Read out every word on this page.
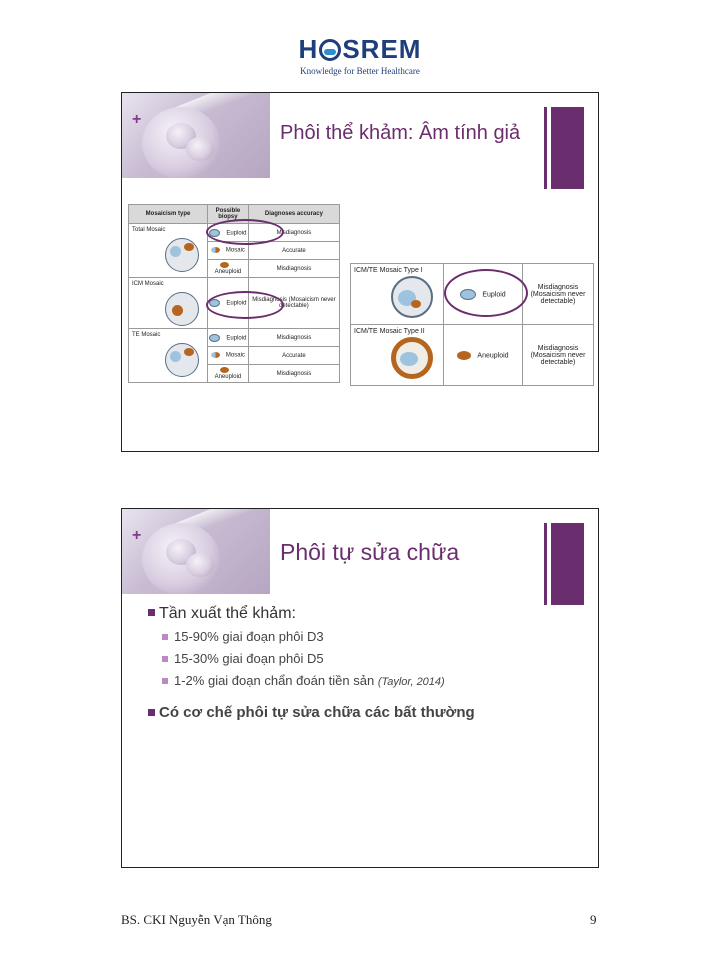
H SREM
Knowledge for Better Healthcare
+
Phôi thể khảm: Âm tính giả
Mosaicism type	Possible biopsy	Diagnoses accuracy

Total Mosaic	Euploid	Misdiagnosis
	Mosaic	Accurate
	Aneuploid	Misdiagnosis

ICM Mosaic	Euploid	Misdiagnosis (Mosaicism never detectable)

TE Mosaic	Euploid	Misdiagnosis
	Mosaic	Accurate
	Aneuploid	Misdiagnosis
ICM/TE Mosaic Type I	Euploid	Misdiagnosis (Mosaicism never detectable)

ICM/TE Mosaic Type II	Aneuploid	Misdiagnosis (Mosaicism never detectable)
+
Phôi tự sửa chữa
Tần xuất thể khảm:
15-90% giai đoạn phôi D3
15-30% giai đoạn phôi D5
1-2% giai đoạn chẩn đoán tiền sản (Taylor, 2014)
Có cơ chế phôi tự sửa chữa các bất thường
BS. CKI Nguyễn Vạn Thông	9
